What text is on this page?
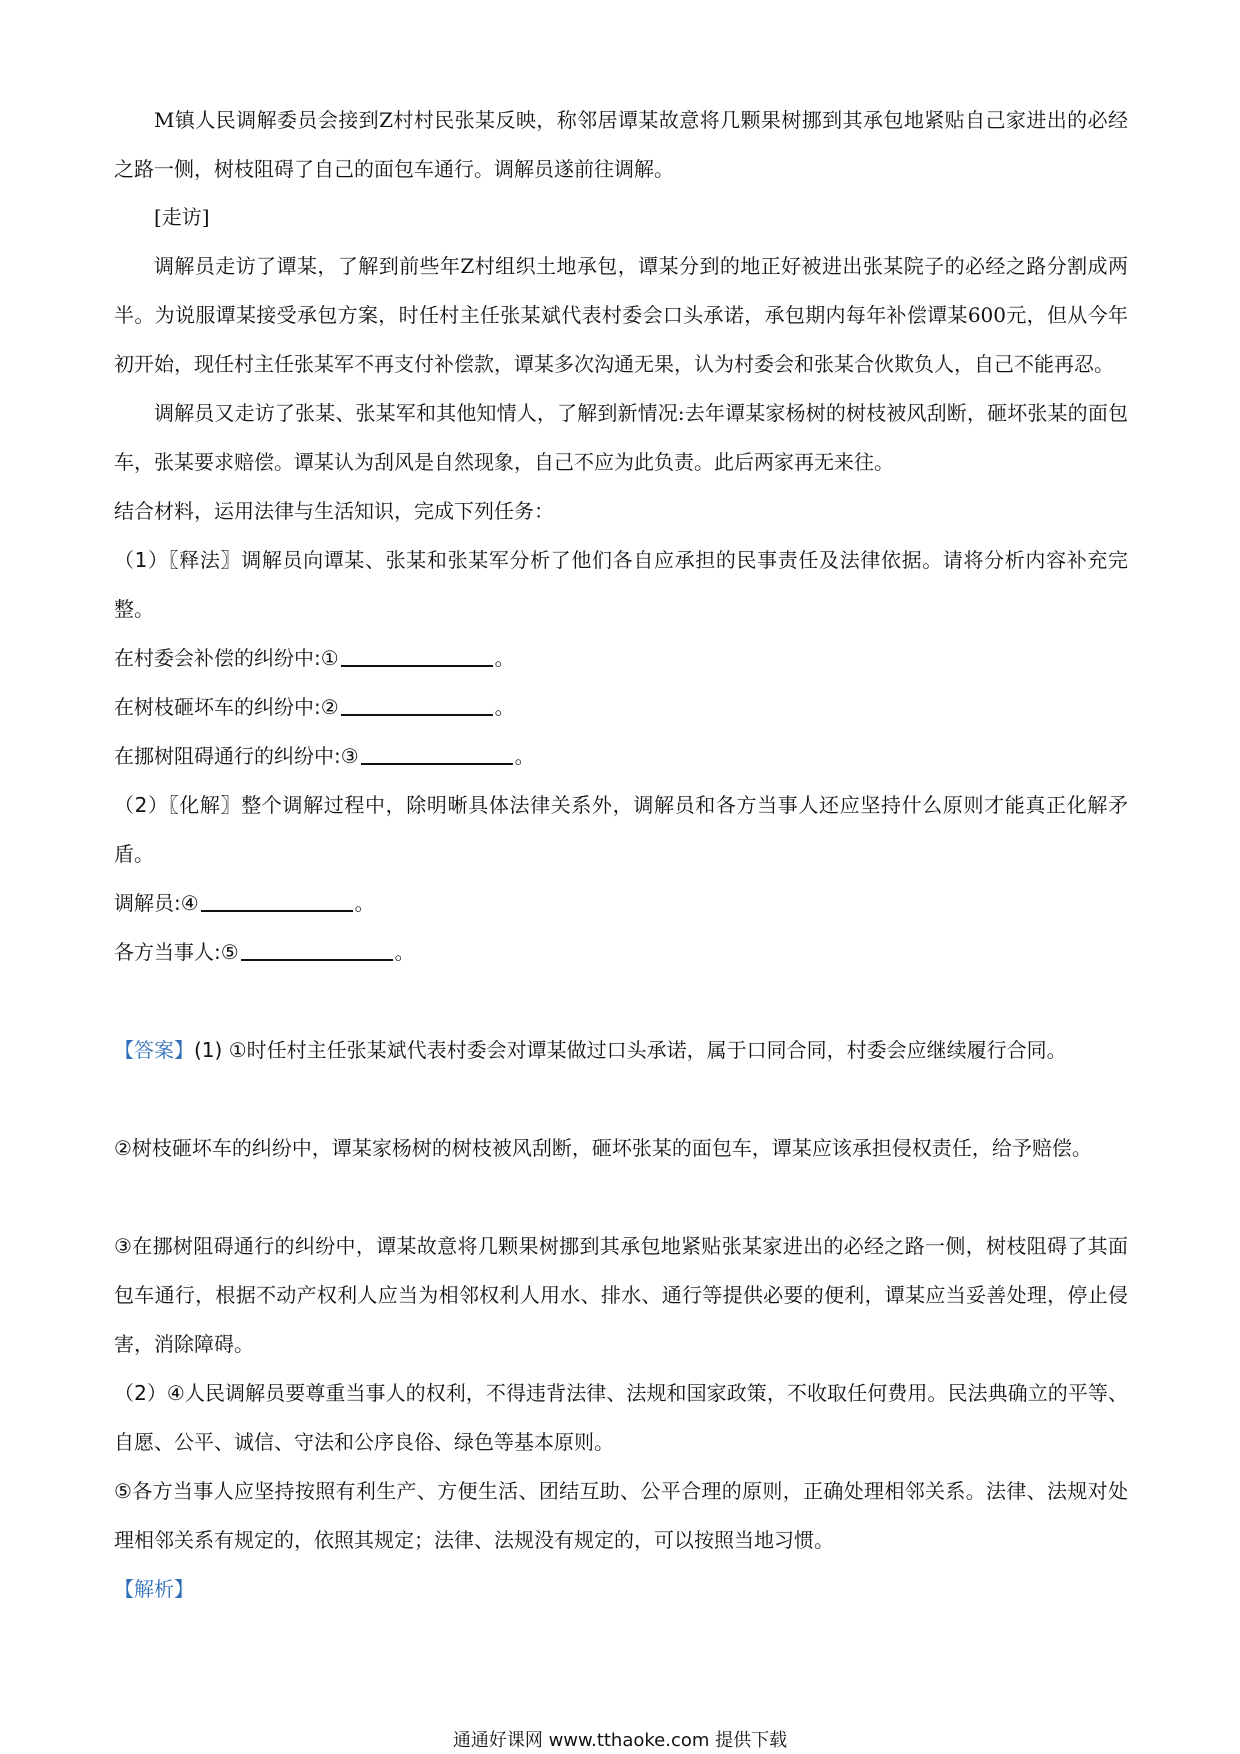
M镇人民调解委员会接到Z村村民张某反映，称邻居谭某故意将几颗果树挪到其承包地紧贴自己家进出的必经之路一侧，树枝阻碍了自己的面包车通行。调解员遂前往调解。

[走访]

调解员走访了谭某，了解到前些年Z村组织土地承包，谭某分到的地正好被进出张某院子的必经之路分割成两半。为说服谭某接受承包方案，时任村主任张某斌代表村委会口头承诺，承包期内每年补偿谭某600元，但从今年初开始，现任村主任张某军不再支付补偿款，谭某多次沟通无果，认为村委会和张某合伙欺负人，自己不能再忍。

调解员又走访了张某、张某军和其他知情人，了解到新情况:去年谭某家杨树的树枝被风刮断，砸坏张某的面包车，张某要求赔偿。谭某认为刮风是自然现象，自己不应为此负责。此后两家再无来往。

结合材料，运用法律与生活知识，完成下列任务：

（1）〖释法〗调解员向谭某、张某和张某军分析了他们各自应承担的民事责任及法律依据。请将分析内容补充完整。

在村委会补偿的纠纷中:①	。

在树枝砸坏车的纠纷中:②	。

在挪树阻碍通行的纠纷中:③	。

（2）〖化解〗整个调解过程中，除明晰具体法律关系外，调解员和各方当事人还应坚持什么原则才能真正化解矛盾。

调解员:④	。

各方当事人:⑤	。

【答案】(1) ①时任村主任张某斌代表村委会对谭某做过口头承诺，属于口同合同，村委会应继续履行合同。

②树枝砸坏车的纠纷中，谭某家杨树的树枝被风刮断，砸坏张某的面包车，谭某应该承担侵权责任，给予赔偿。

③在挪树阻碍通行的纠纷中，谭某故意将几颗果树挪到其承包地紧贴张某家进出的必经之路一侧，树枝阻碍了其面包车通行，根据不动产权利人应当为相邻权利人用水、排水、通行等提供必要的便利，谭某应当妥善处理，停止侵害，消除障碍。

（2）④人民调解员要尊重当事人的权利，不得违背法律、法规和国家政策，不收取任何费用。民法典确立的平等、自愿、公平、诚信、守法和公序良俗、绿色等基本原则。

⑤各方当事人应坚持按照有利生产、方便生活、团结互助、公平合理的原则，正确处理相邻关系。法律、法规对处理相邻关系有规定的，依照其规定；法律、法规没有规定的，可以按照当地习惯。

【解析】

通通好课网 www.tthaoke.com 提供下载
